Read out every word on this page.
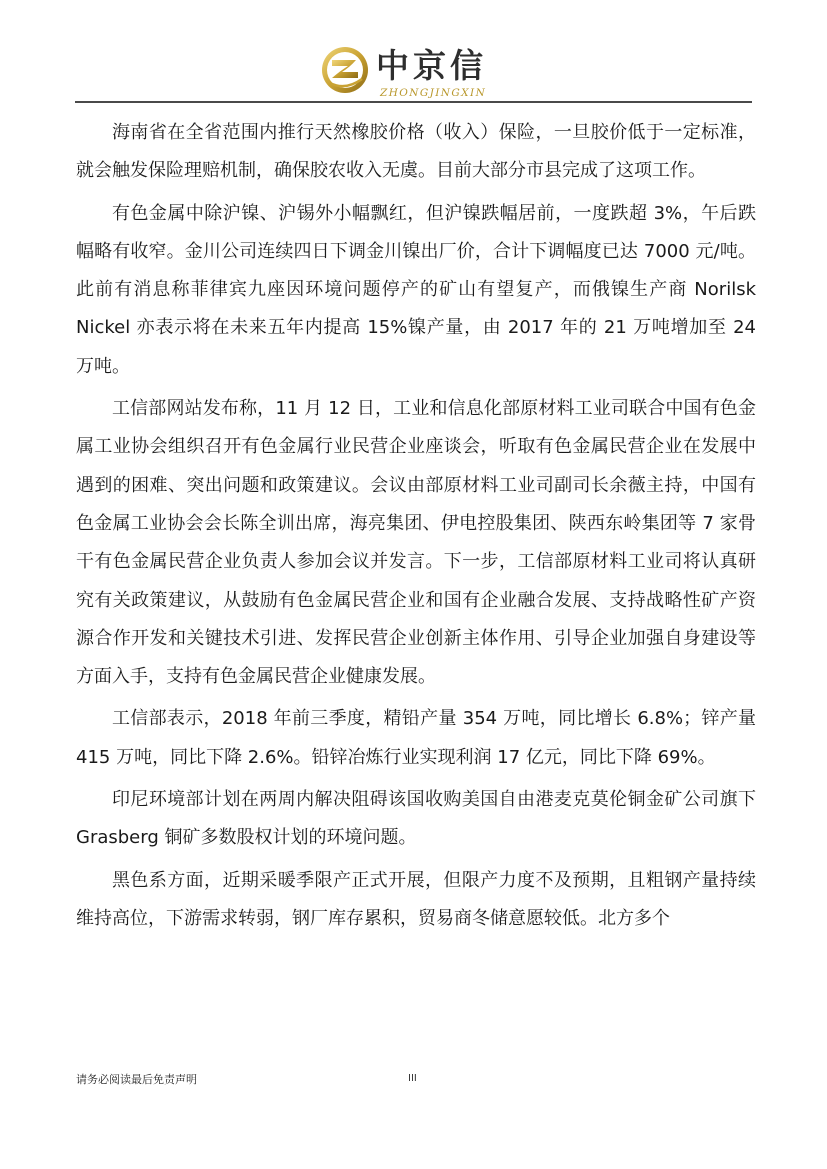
中京信
ZHONGJINGXIN

海南省在全省范围内推行天然橡胶价格（收入）保险，一旦胶价低于一定标准，就会触发保险理赔机制，确保胶农收入无虞。目前大部分市县完成了这项工作。

有色金属中除沪镍、沪锡外小幅飘红，但沪镍跌幅居前，一度跌超 3%，午后跌幅略有收窄。金川公司连续四日下调金川镍出厂价，合计下调幅度已达 7000 元/吨。此前有消息称菲律宾九座因环境问题停产的矿山有望复产，而俄镍生产商 Norilsk Nickel 亦表示将在未来五年内提高 15%镍产量，由 2017 年的 21 万吨增加至 24 万吨。

工信部网站发布称，11 月 12 日，工业和信息化部原材料工业司联合中国有色金属工业协会组织召开有色金属行业民营企业座谈会，听取有色金属民营企业在发展中遇到的困难、突出问题和政策建议。会议由部原材料工业司副司长余薇主持，中国有色金属工业协会会长陈全训出席，海亮集团、伊电控股集团、陕西东岭集团等 7 家骨干有色金属民营企业负责人参加会议并发言。下一步，工信部原材料工业司将认真研究有关政策建议，从鼓励有色金属民营企业和国有企业融合发展、支持战略性矿产资源合作开发和关键技术引进、发挥民营企业创新主体作用、引导企业加强自身建设等方面入手，支持有色金属民营企业健康发展。

工信部表示，2018 年前三季度，精铅产量 354 万吨，同比增长 6.8%；锌产量 415 万吨，同比下降 2.6%。铅锌冶炼行业实现利润 17 亿元，同比下降 69%。

印尼环境部计划在两周内解决阻碍该国收购美国自由港麦克莫伦铜金矿公司旗下 Grasberg 铜矿多数股权计划的环境问题。

黑色系方面，近期采暖季限产正式开展，但限产力度不及预期，且粗钢产量持续维持高位，下游需求转弱，钢厂库存累积，贸易商冬储意愿较低。北方多个

请务必阅读最后免责声明	III
